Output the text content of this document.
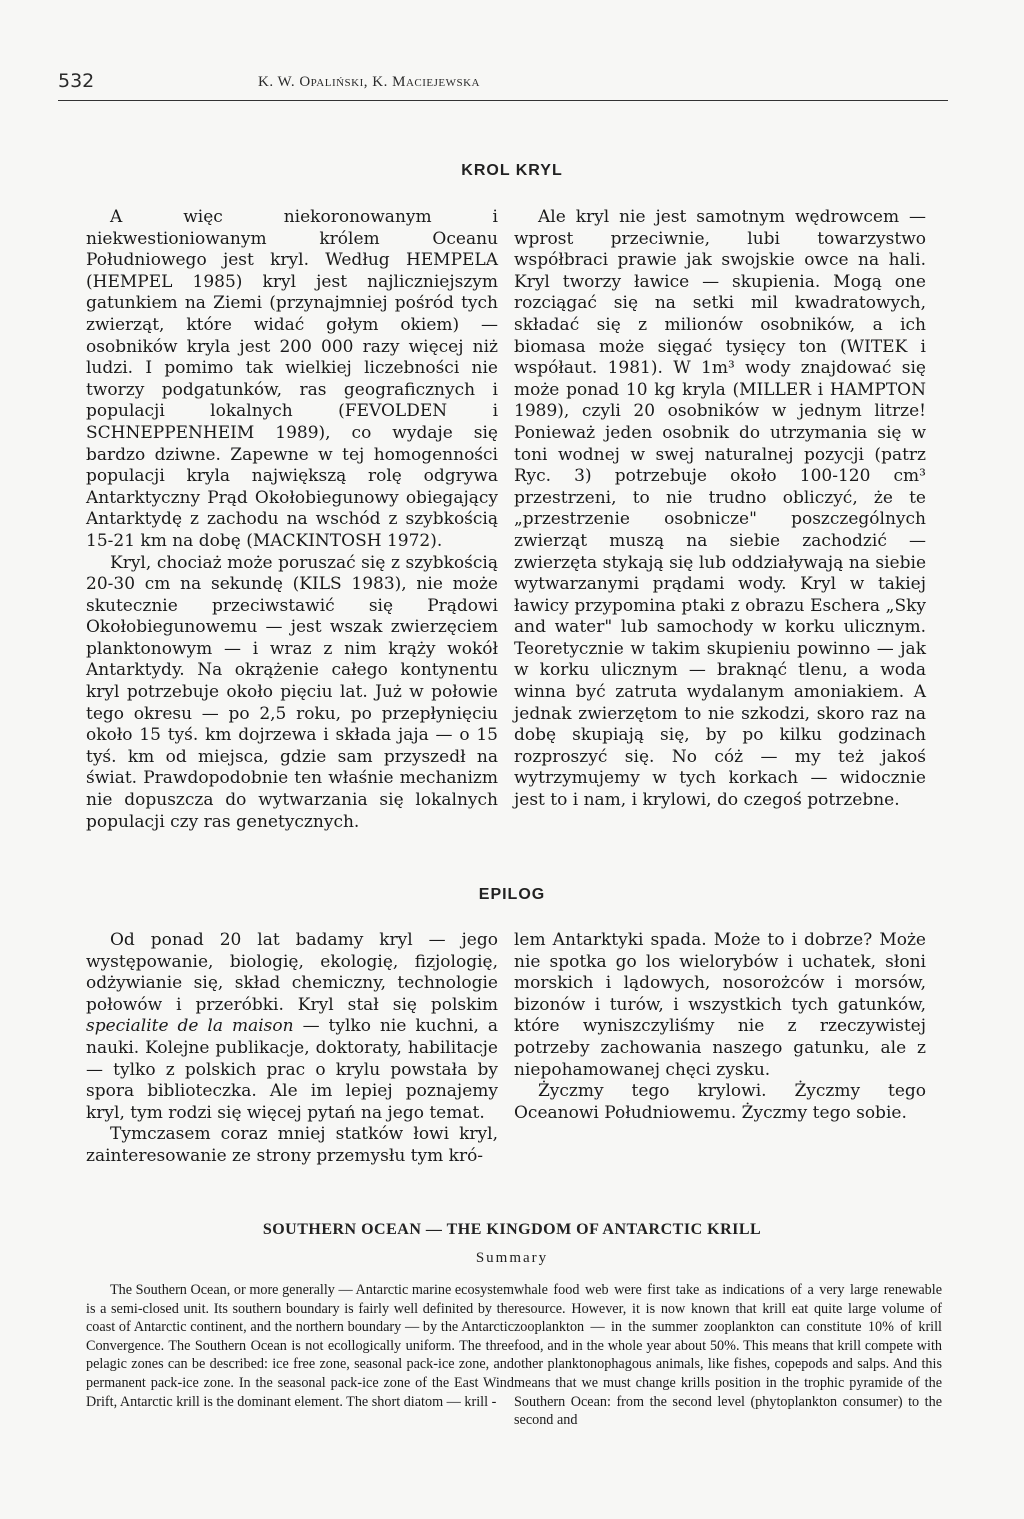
532	K. W. Opaliński, K. Maciejewska

KROL KRYL

A więc niekoronowanym i niekwestioniowanym królem Oceanu Południowego jest kryl. Według HEMPELA (HEMPEL 1985) kryl jest najliczniejszym gatunkiem na Ziemi (przynajmniej pośród tych zwierząt, które widać gołym okiem) — osobników kryla jest 200 000 razy więcej niż ludzi. I pomimo tak wielkiej liczebności nie tworzy podgatunków, ras geograficznych i populacji lokalnych (FEVOLDEN i SCHNEPPENHEIM 1989), co wydaje się bardzo dziwne. Zapewne w tej homogenności populacji kryla największą rolę odgrywa Antarktyczny Prąd Okołobiegunowy obiegający Antarktydę z zachodu na wschód z szybkością 15-21 km na dobę (MACKINTOSH 1972).

Kryl, chociaż może poruszać się z szybkością 20-30 cm na sekundę (KILS 1983), nie może skutecznie przeciwstawić się Prądowi Okołobiegunowemu — jest wszak zwierzęciem planktonowym — i wraz z nim krąży wokół Antarktydy. Na okrążenie całego kontynentu kryl potrzebuje około pięciu lat. Już w połowie tego okresu — po 2,5 roku, po przepłynięciu około 15 tyś. km dojrzewa i składa jaja — o 15 tyś. km od miejsca, gdzie sam przyszedł na świat. Prawdopodobnie ten właśnie mechanizm nie dopuszcza do wytwarzania się lokalnych populacji czy ras genetycznych.

Ale kryl nie jest samotnym wędrowcem — wprost przeciwnie, lubi towarzystwo współbraci prawie jak swojskie owce na hali. Kryl tworzy ławice — skupienia. Mogą one rozciągać się na setki mil kwadratowych, składać się z milionów osobników, a ich biomasa może sięgać tysięcy ton (WITEK i współaut. 1981). W 1m³ wody znajdować się może ponad 10 kg kryla (MILLER i HAMPTON 1989), czyli 20 osobników w jednym litrze! Ponieważ jeden osobnik do utrzymania się w toni wodnej w swej naturalnej pozycji (patrz Ryc. 3) potrzebuje około 100-120 cm³ przestrzeni, to nie trudno obliczyć, że te „przestrzenie osobnicze" poszczególnych zwierząt muszą na siebie zachodzić — zwierzęta stykają się lub oddziaływają na siebie wytwarzanymi prądami wody. Kryl w takiej ławicy przypomina ptaki z obrazu Eschera „Sky and water" lub samochody w korku ulicznym. Teoretycznie w takim skupieniu powinno — jak w korku ulicznym — braknąć tlenu, a woda winna być zatruta wydalanym amoniakiem. A jednak zwierzętom to nie szkodzi, skoro raz na dobę skupiają się, by po kilku godzinach rozproszyć się. No cóż — my też jakoś wytrzymujemy w tych korkach — widocznie jest to i nam, i krylowi, do czegoś potrzebne.

EPILOG

Od ponad 20 lat badamy kryl — jego występowanie, biologię, ekologię, fizjologię, odżywianie się, skład chemiczny, technologie połowów i przeróbki. Kryl stał się polskim specialite de la maison — tylko nie kuchni, a nauki. Kolejne publikacje, doktoraty, habilitacje — tylko z polskich prac o krylu powstała by spora biblioteczka. Ale im lepiej poznajemy kryl, tym rodzi się więcej pytań na jego temat.

Tymczasem coraz mniej statków łowi kryl, zainteresowanie ze strony przemysłu tym kró-

lem Antarktyki spada. Może to i dobrze? Może nie spotka go los wielorybów i uchatek, słoni morskich i lądowych, nosorożców i morsów, bizonów i turów, i wszystkich tych gatunków, które wyniszczyliśmy nie z rzeczywistej potrzeby zachowania naszego gatunku, ale z niepohamowanej chęci zysku.

Życzmy tego krylowi. Życzmy tego Oceanowi Południowemu. Życzmy tego sobie.

SOUTHERN OCEAN — THE KINGDOM OF ANTARCTIC KRILL

Summary

The Southern Ocean, or more generally — Antarctic marine ecosystem is a semi-closed unit. Its southern boundary is fairly well definited by the coast of Antarctic continent, and the northern boundary — by the Antarctic Convergence. The Southern Ocean is not ecollogically uniform. The three pelagic zones can be described: ice free zone, seasonal pack-ice zone, and permanent pack-ice zone. In the seasonal pack-ice zone of the East Wind Drift, Antarctic krill is the dominant element. The short diatom — krill -

whale food web were first take as indications of a very large renewable resource. However, it is now known that krill eat quite large volume of zooplankton — in the summer zooplankton can constitute 10% of krill food, and in the whole year about 50%. This means that krill compete with other planktonophagous animals, like fishes, copepods and salps. And this means that we must change krills position in the trophic pyramide of the Southern Ocean: from the second level (phytoplankton consumer) to the second and
